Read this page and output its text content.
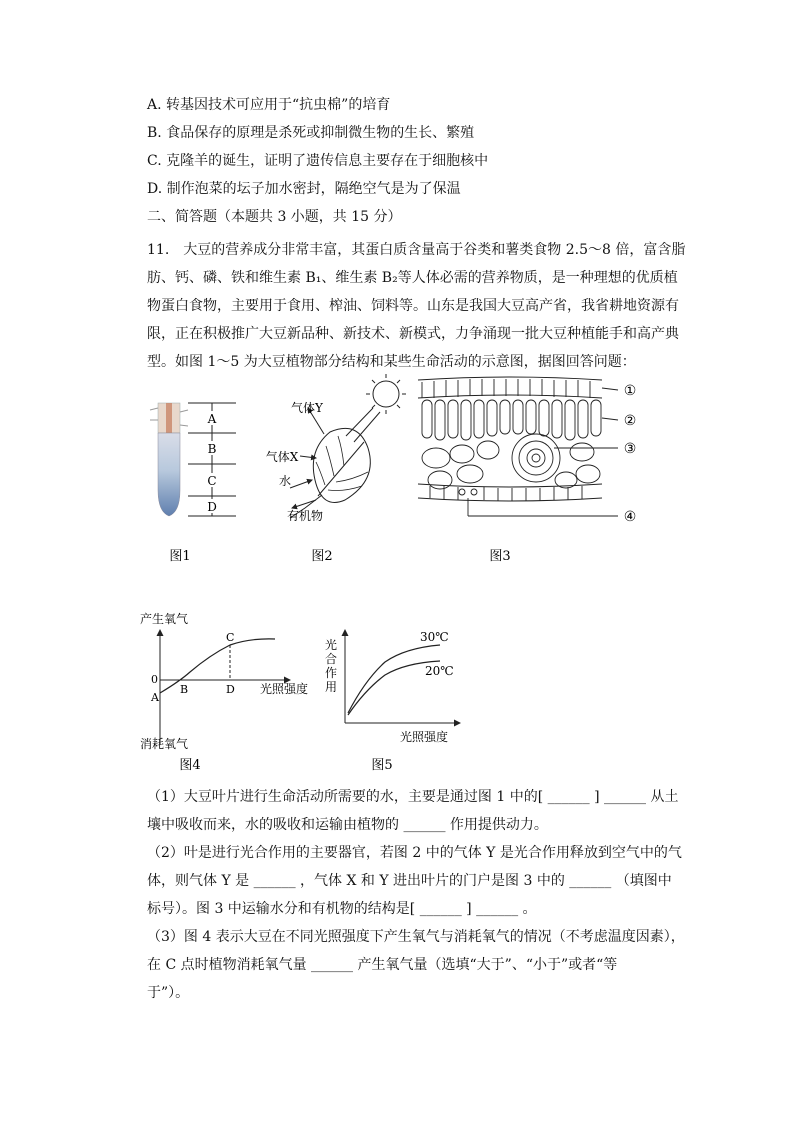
A. 转基因技术可应用于“抗虫棉”的培育
B. 食品保存的原理是杀死或抑制微生物的生长、繁殖
C. 克隆羊的诞生，证明了遗传信息主要存在于细胞核中
D. 制作泡菜的坛子加水密封，隔绝空气是为了保温
二、简答题（本题共 3 小题，共 15 分）
11.　大豆的营养成分非常丰富，其蛋白质含量高于谷类和薯类食物 2.5～8 倍，富含脂
肪、钙、磷、铁和维生素 B₁、维生素 B₂等人体必需的营养物质，是一种理想的优质植
物蛋白食物，主要用于食用、榨油、饲料等。山东是我国大豆高产省，我省耕地资源有
限，正在积极推广大豆新品种、新技术、新模式，力争涌现一批大豆种植能手和高产典
型。如图 1～5 为大豆植物部分结构和某些生命活动的示意图，据图回答问题：
A
B
C
D
气体Y
气体X
水
有机物
①
②
③
④
图1	图2	图3
产生氧气
消耗氧气
光照强度
0
A
B
C
D
图4
光
合
作
用
30℃
20℃
光照强度
图5
（1）大豆叶片进行生命活动所需要的水，主要是通过图 1 中的[ ______ ] ______ 从土
壤中吸收而来，水的吸收和运输由植物的 ______ 作用提供动力。
（2）叶是进行光合作用的主要器官，若图 2 中的气体 Y 是光合作用释放到空气中的气
体，则气体 Y 是 ______ ，气体 X 和 Y 进出叶片的门户是图 3 中的 ______ （填图中
标号）。图 3 中运输水分和有机物的结构是[ ______ ] ______ 。
（3）图 4 表示大豆在不同光照强度下产生氧气与消耗氧气的情况（不考虑温度因素），
在 C 点时植物消耗氧气量 ______ 产生氧气量（选填“大于”、“小于”或者“等
于”）。
